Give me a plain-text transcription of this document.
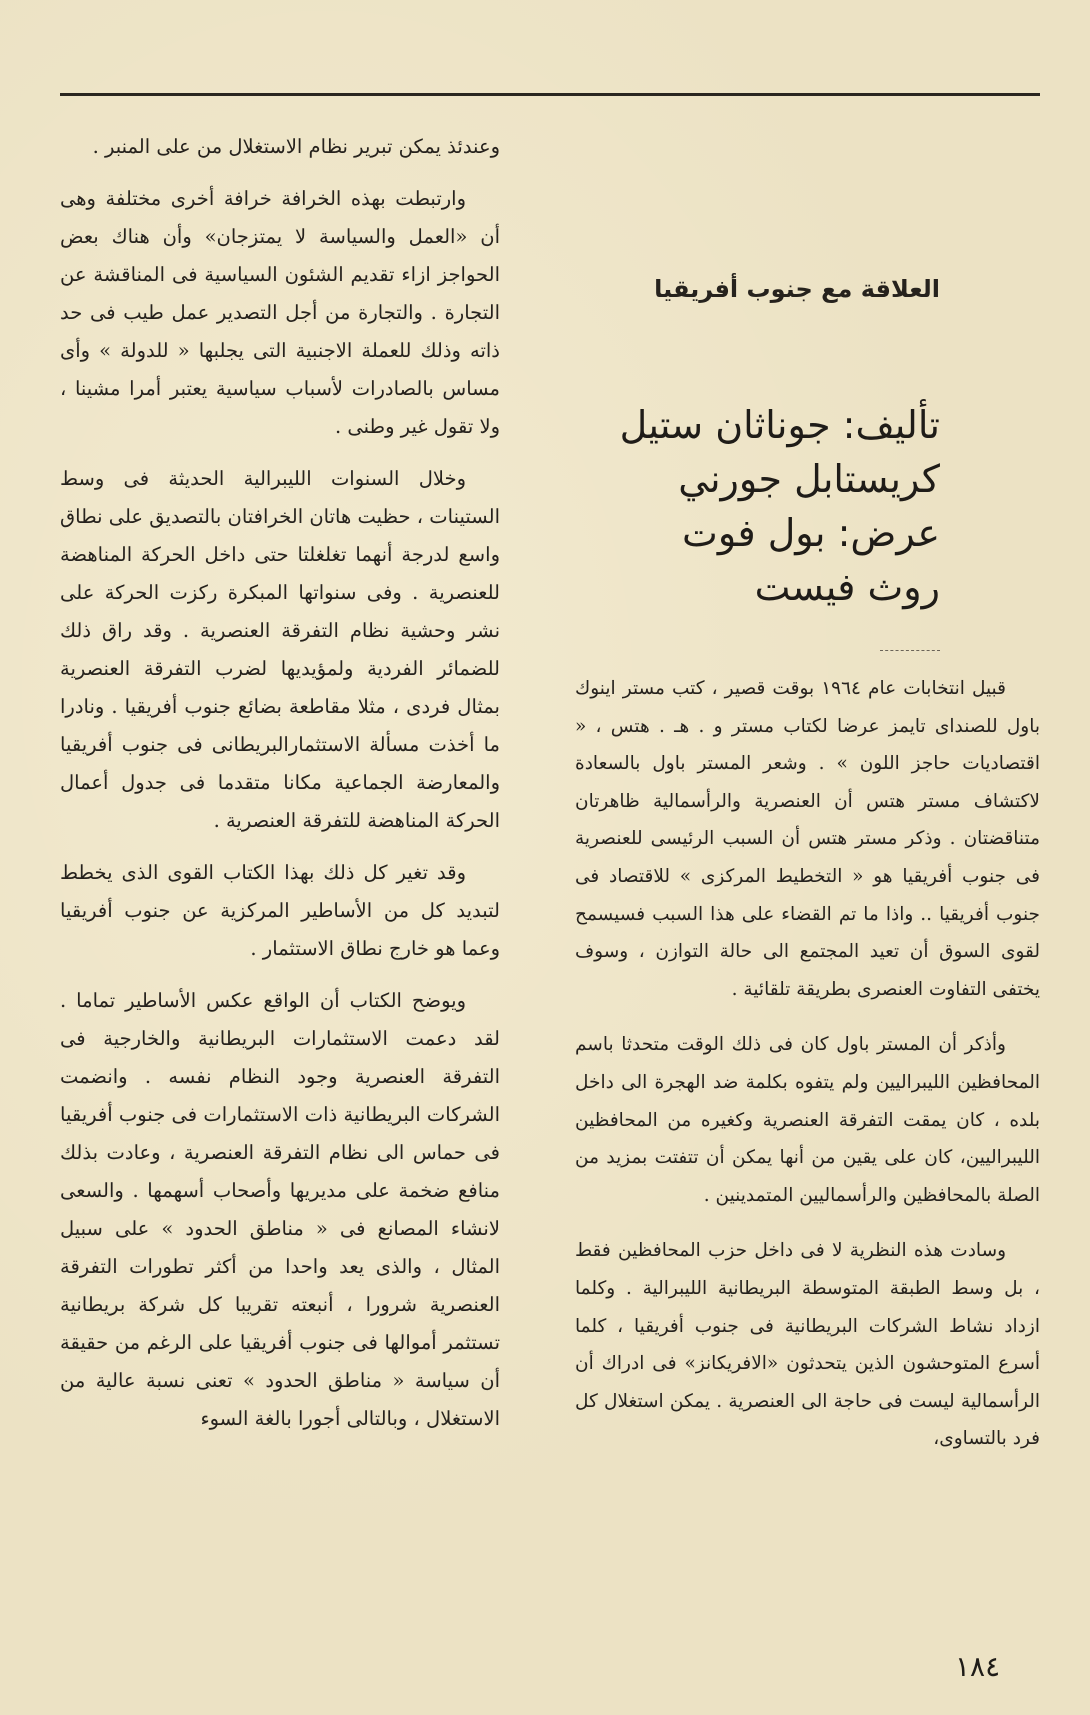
وعندئذ يمكن تبرير نظام الاستغلال من على المنبر .

وارتبطت بهذه الخرافة خرافة أخرى مختلفة وهى أن «العمل والسياسة لا يمتزجان» وأن هناك بعض الحواجز ازاء تقديم الشئون السياسية فى المناقشة عن التجارة . والتجارة من أجل التصدير عمل طيب فى حد ذاته وذلك للعملة الاجنبية التى يجلبها « للدولة » وأى مساس بالصادرات لأسباب سياسية يعتبر أمرا مشينا ، ولا تقول غير وطنى .

وخلال السنوات الليبرالية الحديثة فى وسط الستينات ، حظيت هاتان الخرافتان بالتصديق على نطاق واسع لدرجة أنهما تغلغلتا حتى داخل الحركة المناهضة للعنصرية . وفى سنواتها المبكرة ركزت الحركة على نشر وحشية نظام التفرقة العنصرية . وقد راق ذلك للضمائر الفردية ولمؤيديها لضرب التفرقة العنصرية بمثال فردى ، مثلا مقاطعة بضائع جنوب أفريقيا . ونادرا ما أخذت مسألة الاستثمارالبريطانى فى جنوب أفريقيا والمعارضة الجماعية مكانا متقدما فى جدول أعمال الحركة المناهضة للتفرقة العنصرية .

وقد تغير كل ذلك بهذا الكتاب القوى الذى يخطط لتبديد كل من الأساطير المركزية عن جنوب أفريقيا وعما هو خارج نطاق الاستثمار .

ويوضح الكتاب أن الواقع عكس الأساطير تماما . لقد دعمت الاستثمارات البريطانية والخارجية فى التفرقة العنصرية وجود النظام نفسه . وانضمت الشركات البريطانية ذات الاستثمارات فى جنوب أفريقيا فى حماس الى نظام التفرقة العنصرية ، وعادت بذلك منافع ضخمة على مديريها وأصحاب أسهمها . والسعى لانشاء المصانع فى « مناطق الحدود » على سبيل المثال ، والذى يعد واحدا من أكثر تطورات التفرقة العنصرية شرورا ، أنبعته تقريبا كل شركة بريطانية تستثمر أموالها فى جنوب أفريقيا على الرغم من حقيقة أن سياسة « مناطق الحدود » تعنى نسبة عالية من الاستغلال ، وبالتالى أجورا بالغة السوء

العلاقة مع جنوب أفريقيا
تأليف: جوناثان ستيل
كريستابل جورني
عرض: بول فوت
روث فيست

قبيل انتخابات عام ١٩٦٤ بوقت قصير ، كتب مستر اينوك باول للصنداى تايمز عرضا لكتاب مستر و . هـ . هتس ، « اقتصاديات حاجز اللون » . وشعر المستر باول بالسعادة لاكتشاف مستر هتس أن العنصرية والرأسمالية ظاهرتان متناقضتان . وذكر مستر هتس أن السبب الرئيسى للعنصرية فى جنوب أفريقيا هو « التخطيط المركزى » للاقتصاد فى جنوب أفريقيا .. واذا ما تم القضاء على هذا السبب فسيسمح لقوى السوق أن تعيد المجتمع الى حالة التوازن ، وسوف يختفى التفاوت العنصرى بطريقة تلقائية .

وأذكر أن المستر باول كان فى ذلك الوقت متحدثا باسم المحافظين الليبراليين ولم يتفوه بكلمة ضد الهجرة الى داخل بلده ، كان يمقت التفرقة العنصرية وكغيره من المحافظين الليبراليين، كان على يقين من أنها يمكن أن تتفتت بمزيد من الصلة بالمحافظين والرأسماليين المتمدينين .

وسادت هذه النظرية لا فى داخل حزب المحافظين فقط ، بل وسط الطبقة المتوسطة البريطانية الليبرالية . وكلما ازداد نشاط الشركات البريطانية فى جنوب أفريقيا ، كلما أسرع المتوحشون الذين يتحدثون «الافريكانز» فى ادراك أن الرأسمالية ليست فى حاجة الى العنصرية . يمكن استغلال كل فرد بالتساوى،

١٨٤
